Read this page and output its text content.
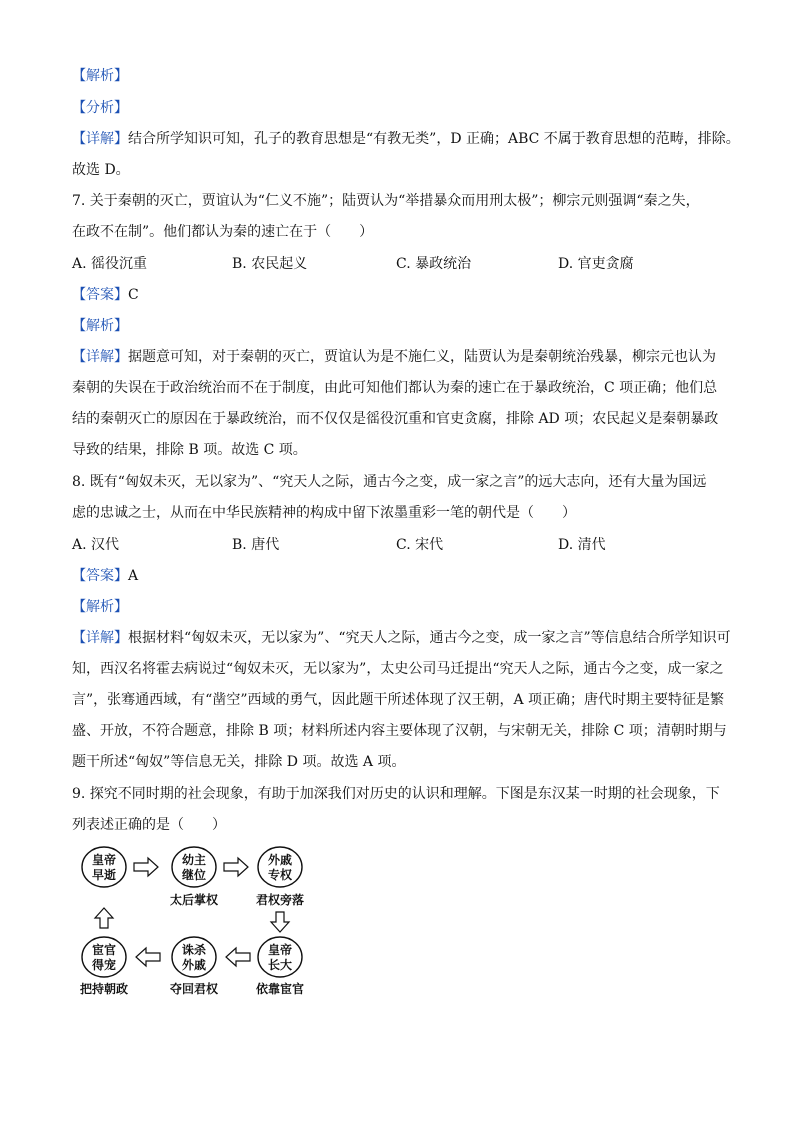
【解析】
【分析】
【详解】结合所学知识可知，孔子的教育思想是“有教无类”，D 正确；ABC 不属于教育思想的范畴，排除。
故选 D。
7. 关于秦朝的灭亡，贾谊认为“仁义不施”；陆贾认为“举措暴众而用刑太极”；柳宗元则强调“秦之失，
在政不在制”。他们都认为秦的速亡在于（　　）
A. 徭役沉重	B. 农民起义	C. 暴政统治	D. 官吏贪腐
【答案】C
【解析】
【详解】据题意可知，对于秦朝的灭亡，贾谊认为是不施仁义，陆贾认为是秦朝统治残暴，柳宗元也认为
秦朝的失误在于政治统治而不在于制度，由此可知他们都认为秦的速亡在于暴政统治，C 项正确；他们总
结的秦朝灭亡的原因在于暴政统治，而不仅仅是徭役沉重和官吏贪腐，排除 AD 项；农民起义是秦朝暴政
导致的结果，排除 B 项。故选 C 项。
8. 既有“匈奴未灭，无以家为”、“究天人之际，通古今之变，成一家之言”的远大志向，还有大量为国远
虑的忠诚之士，从而在中华民族精神的构成中留下浓墨重彩一笔的朝代是（　　）
A. 汉代	B. 唐代	C. 宋代	D. 清代
【答案】A
【解析】
【详解】根据材料“匈奴未灭，无以家为”、“究天人之际，通古今之变，成一家之言”等信息结合所学知识可
知，西汉名将霍去病说过“匈奴未灭，无以家为”，太史公司马迁提出“究天人之际，通古今之变，成一家之
言”，张骞通西域，有“凿空”西域的勇气，因此题干所述体现了汉王朝，A 项正确；唐代时期主要特征是繁
盛、开放，不符合题意，排除 B 项；材料所述内容主要体现了汉朝，与宋朝无关，排除 C 项；清朝时期与
题干所述“匈奴”等信息无关，排除 D 项。故选 A 项。
9. 探究不同时期的社会现象，有助于加深我们对历史的认识和理解。下图是东汉某一时期的社会现象，下
列表述正确的是（　　）
皇帝
早逝
幼主
继位
外戚
专权
皇帝
长大
诛杀
外戚
宦官
得宠
太后掌权	君权旁落
依靠宦官
夺回君权
把持朝政
